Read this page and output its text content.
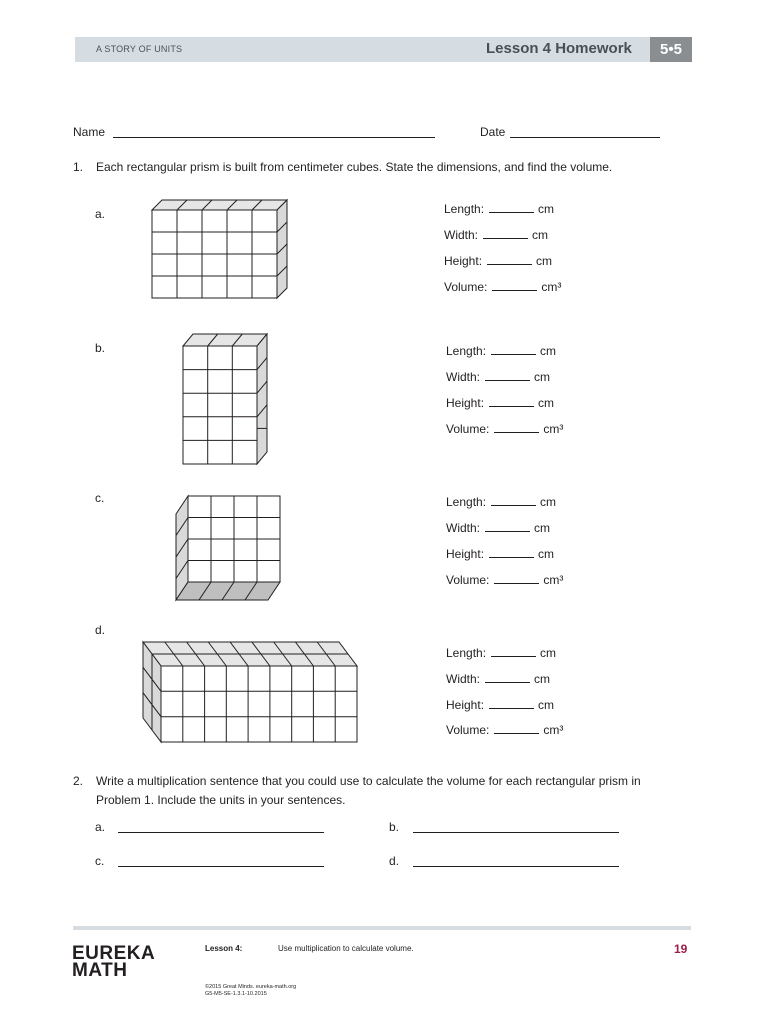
A STORY OF UNITS	Lesson 4 Homework	5•5
Name	Date
1. Each rectangular prism is built from centimeter cubes. State the dimensions, and find the volume.
a.
b.
c.
d.
Length:	cm
Width:	cm
Height:	cm
Volume:	cm³
Length:	cm
Width:	cm
Height:	cm
Volume:	cm³
Length:	cm
Width:	cm
Height:	cm
Volume:	cm³
Length:	cm
Width:	cm
Height:	cm
Volume:	cm³
2. Write a multiplication sentence that you could use to calculate the volume for each rectangular prism in
Problem 1. Include the units in your sentences.
a.	b.
c.	d.
EUREKA
MATH
Lesson 4:	Use multiplication to calculate volume.	19
©2015 Great Minds. eureka-math.org
G5-M5-SE-1.3.1-10.2015
